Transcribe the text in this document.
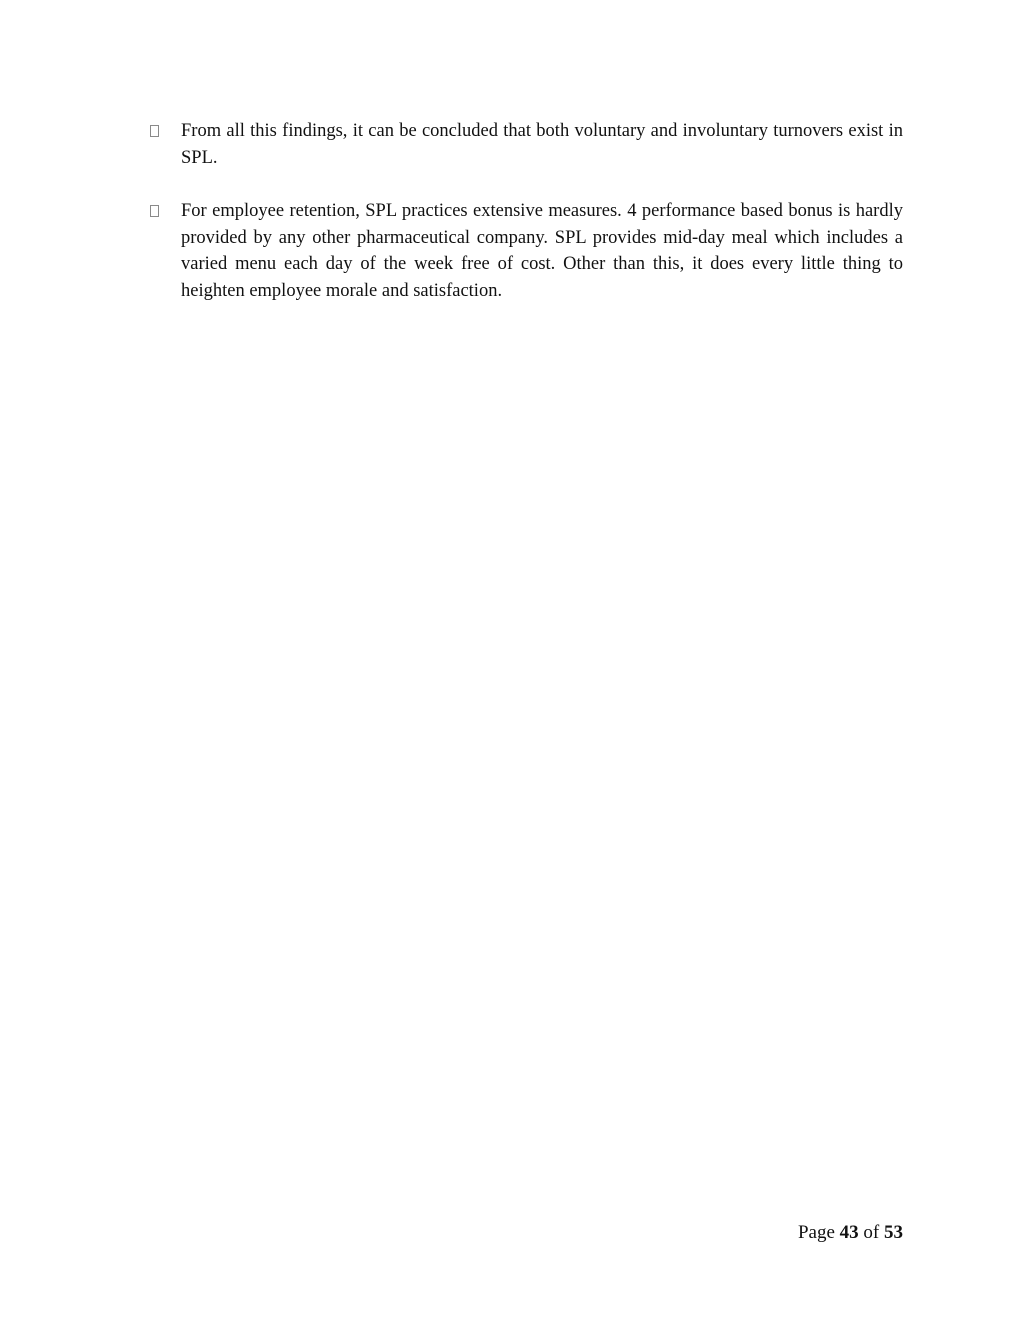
From all this findings, it can be concluded that both voluntary and involuntary turnovers exist in SPL.
For employee retention, SPL practices extensive measures. 4 performance based bonus is hardly provided by any other pharmaceutical company. SPL provides mid-day meal which includes a varied menu each day of the week free of cost. Other than this, it does every little thing to heighten employee morale and satisfaction.
Page 43 of 53
